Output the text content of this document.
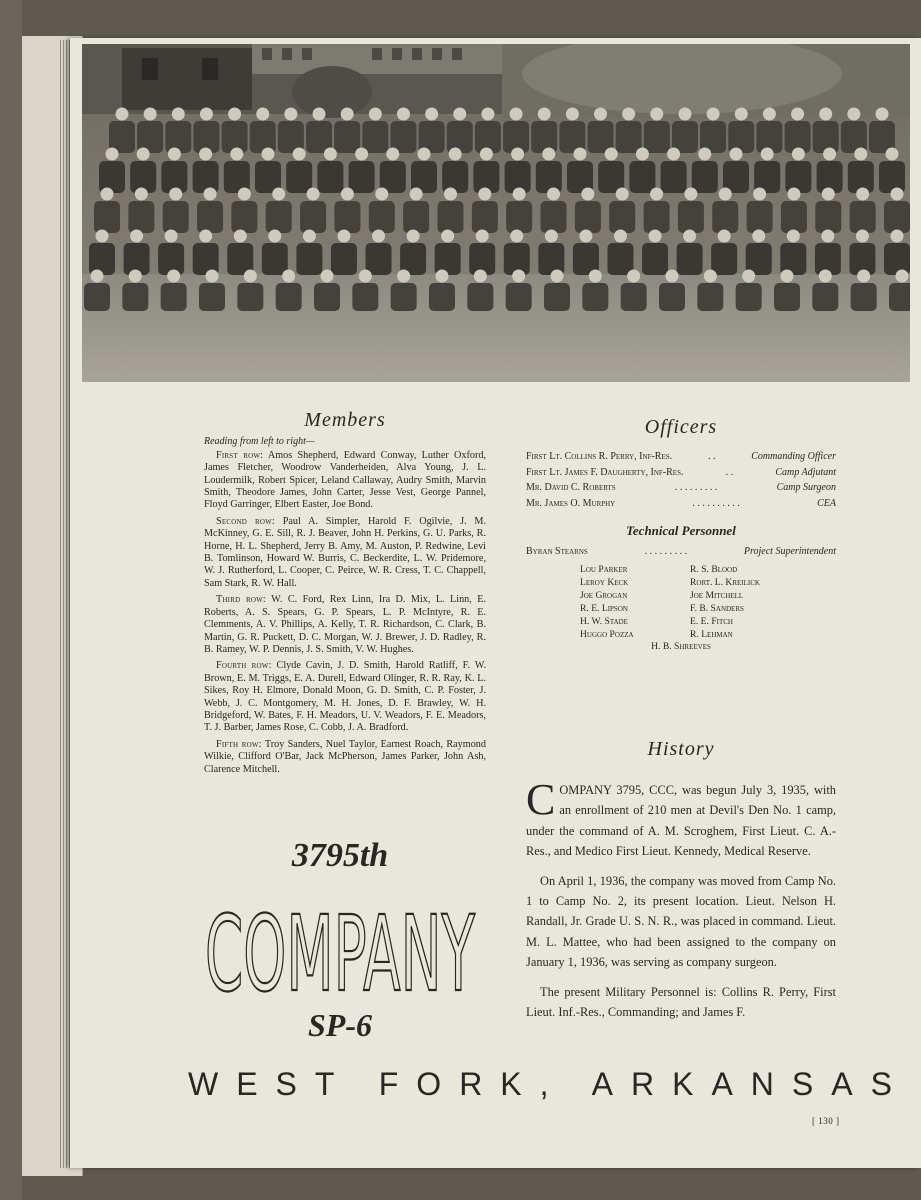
Members

Reading from left to right—

First row: Amos Shepherd, Edward Conway, Luther Oxford, James Fletcher, Woodrow Vanderheiden, Alva Young, J. L. Loudermilk, Robert Spicer, Leland Callaway, Audry Smith, Marvin Smith, Theodore James, John Carter, Jesse Vest, George Pannel, Floyd Garringer, Elbert Easter, Joe Bond.

Second row: Paul A. Simpler, Harold F. Ogilvie, J. M. McKinney, G. E. Sill, R. J. Beaver, John H. Perkins, G. U. Parks, R. Horne, H. L. Shepherd, Jerry B. Amy, M. Auston, P. Redwine, Levi B. Tomlinson, Howard W. Burris, C. Beckerdite, L. W. Pridemore, W. J. Rutherford, L. Cooper, C. Peirce, W. R. Cress, T. C. Chappell, Sam Stark, R. W. Hall.

Third row: W. C. Ford, Rex Linn, Ira D. Mix, L. Linn, E. Roberts, A. S. Spears, G. P. Spears, L. P. McIntyre, R. E. Clemments, A. V. Phillips, A. Kelly, T. R. Richardson, C. Clark, B. Martin, G. R. Puckett, D. C. Morgan, W. J. Brewer, J. D. Radley, R. B. Ramey, W. P. Dennis, J. S. Smith, V. W. Hughes.

Fourth row: Clyde Cavin, J. D. Smith, Harold Ratliff, F. W. Brown, E. M. Triggs, E. A. Durell, Edward Olinger, R. R. Ray, K. L. Sikes, Roy H. Elmore, Donald Moon, G. D. Smith, C. P. Foster, J. Webb, J. C. Montgomery, M. H. Jones, D. F. Brawley, W. H. Bridgeford, W. Bates, F. H. Meadors, U. V. Weadors, F. E. Meadors, T. J. Barber, James Rose, C. Cobb, J. A. Bradford.

Fifth row: Troy Sanders, Nuel Taylor, Earnest Roach, Raymond Wilkie, Clifford O'Bar, Jack McPherson, James Parker, John Ash, Clarence Mitchell.

Officers
First Lt. Collins R. Perry, Inf-Res.	. .	Commanding Officer
First Lt. James F. Daugherty, Inf-Res.	. .	Camp Adjutant
Mr. David C. Roberts	. . . . . . . . .	Camp Surgeon
Mr. James O. Murphy	. . . . . . . . . .	CEA
Technical Personnel
Byran Stearns	. . . . . . . . .	Project Superintendent
Lou Parker	R. S. Blood
Leroy Keck	Rort. L. Kreilick
Joe Grogan	Joe Mitchell
R. E. Lipson	F. B. Sanders
H. W. Stade	E. E. Fitch
Huggo Pozza	R. Lehman
H. B. Shreeves
History

COMPANY 3795, CCC, was begun July 3, 1935, with an enrollment of 210 men at Devil's Den No. 1 camp, under the command of A. M. Scroghem, First Lieut. C. A.-Res., and Medico First Lieut. Kennedy, Medical Reserve.

On April 1, 1936, the company was moved from Camp No. 1 to Camp No. 2, its present location. Lieut. Nelson H. Randall, Jr. Grade U. S. N. R., was placed in command. Lieut. M. L. Mattee, who had been assigned to the company on January 1, 1936, was serving as company surgeon.

The present Military Personnel is: Collins R. Perry, First Lieut. Inf.-Res., Commanding; and James F.

3795th
COMPANY
SP-6
WEST FORK, ARKANSAS
[ 130 ]
